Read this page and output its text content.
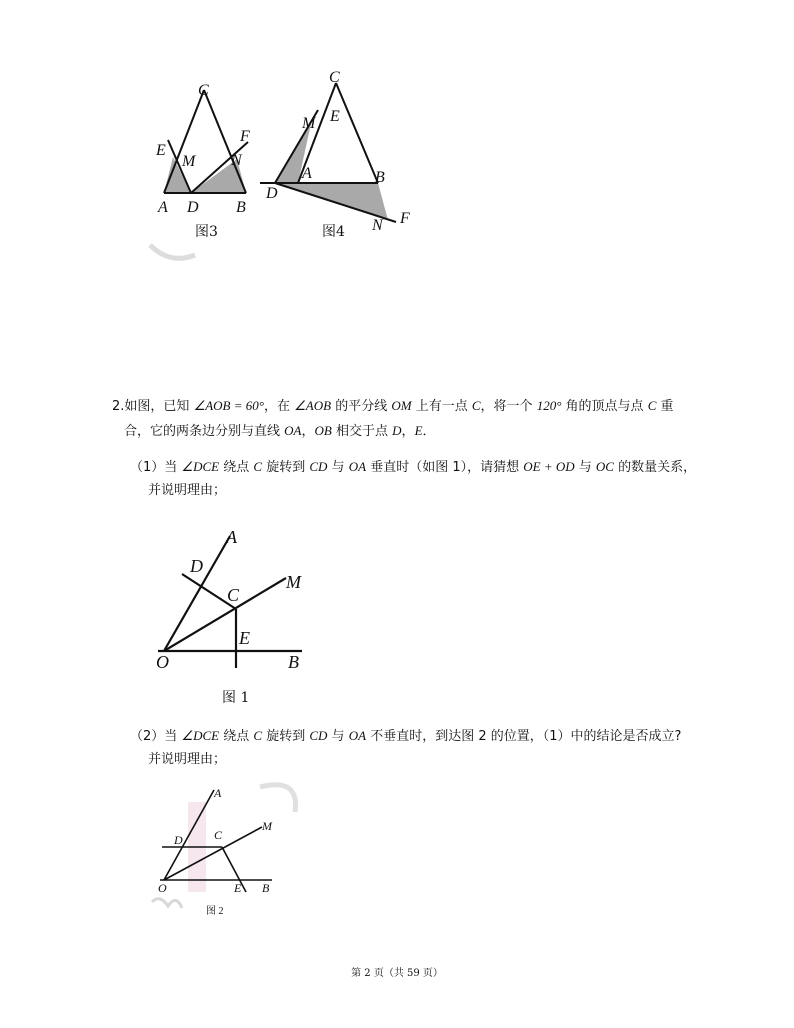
C
E
M
F
N
A D B
图3
C
M E
A	B
D
N F
图4
2.如图，已知 ∠AOB = 60°，在 ∠AOB 的平分线 OM 上有一点 C，将一个 120° 角的顶点与点 C 重
合，它的两条边分别与直线 OA，OB 相交于点 D，E．
（1）当 ∠DCE 绕点 C 旋转到 CD 与 OA 垂直时（如图 1），请猜想 OE + OD 与 OC 的数量关系，
并说明理由；
A
D
C
M
E
O	B
图 1
（2）当 ∠DCE 绕点 C 旋转到 CD 与 OA 不垂直时，到达图 2 的位置，（1）中的结论是否成立?
并说明理由；
A
D	C
M
O	E B
图 2
第 2 页（共 59 页）
